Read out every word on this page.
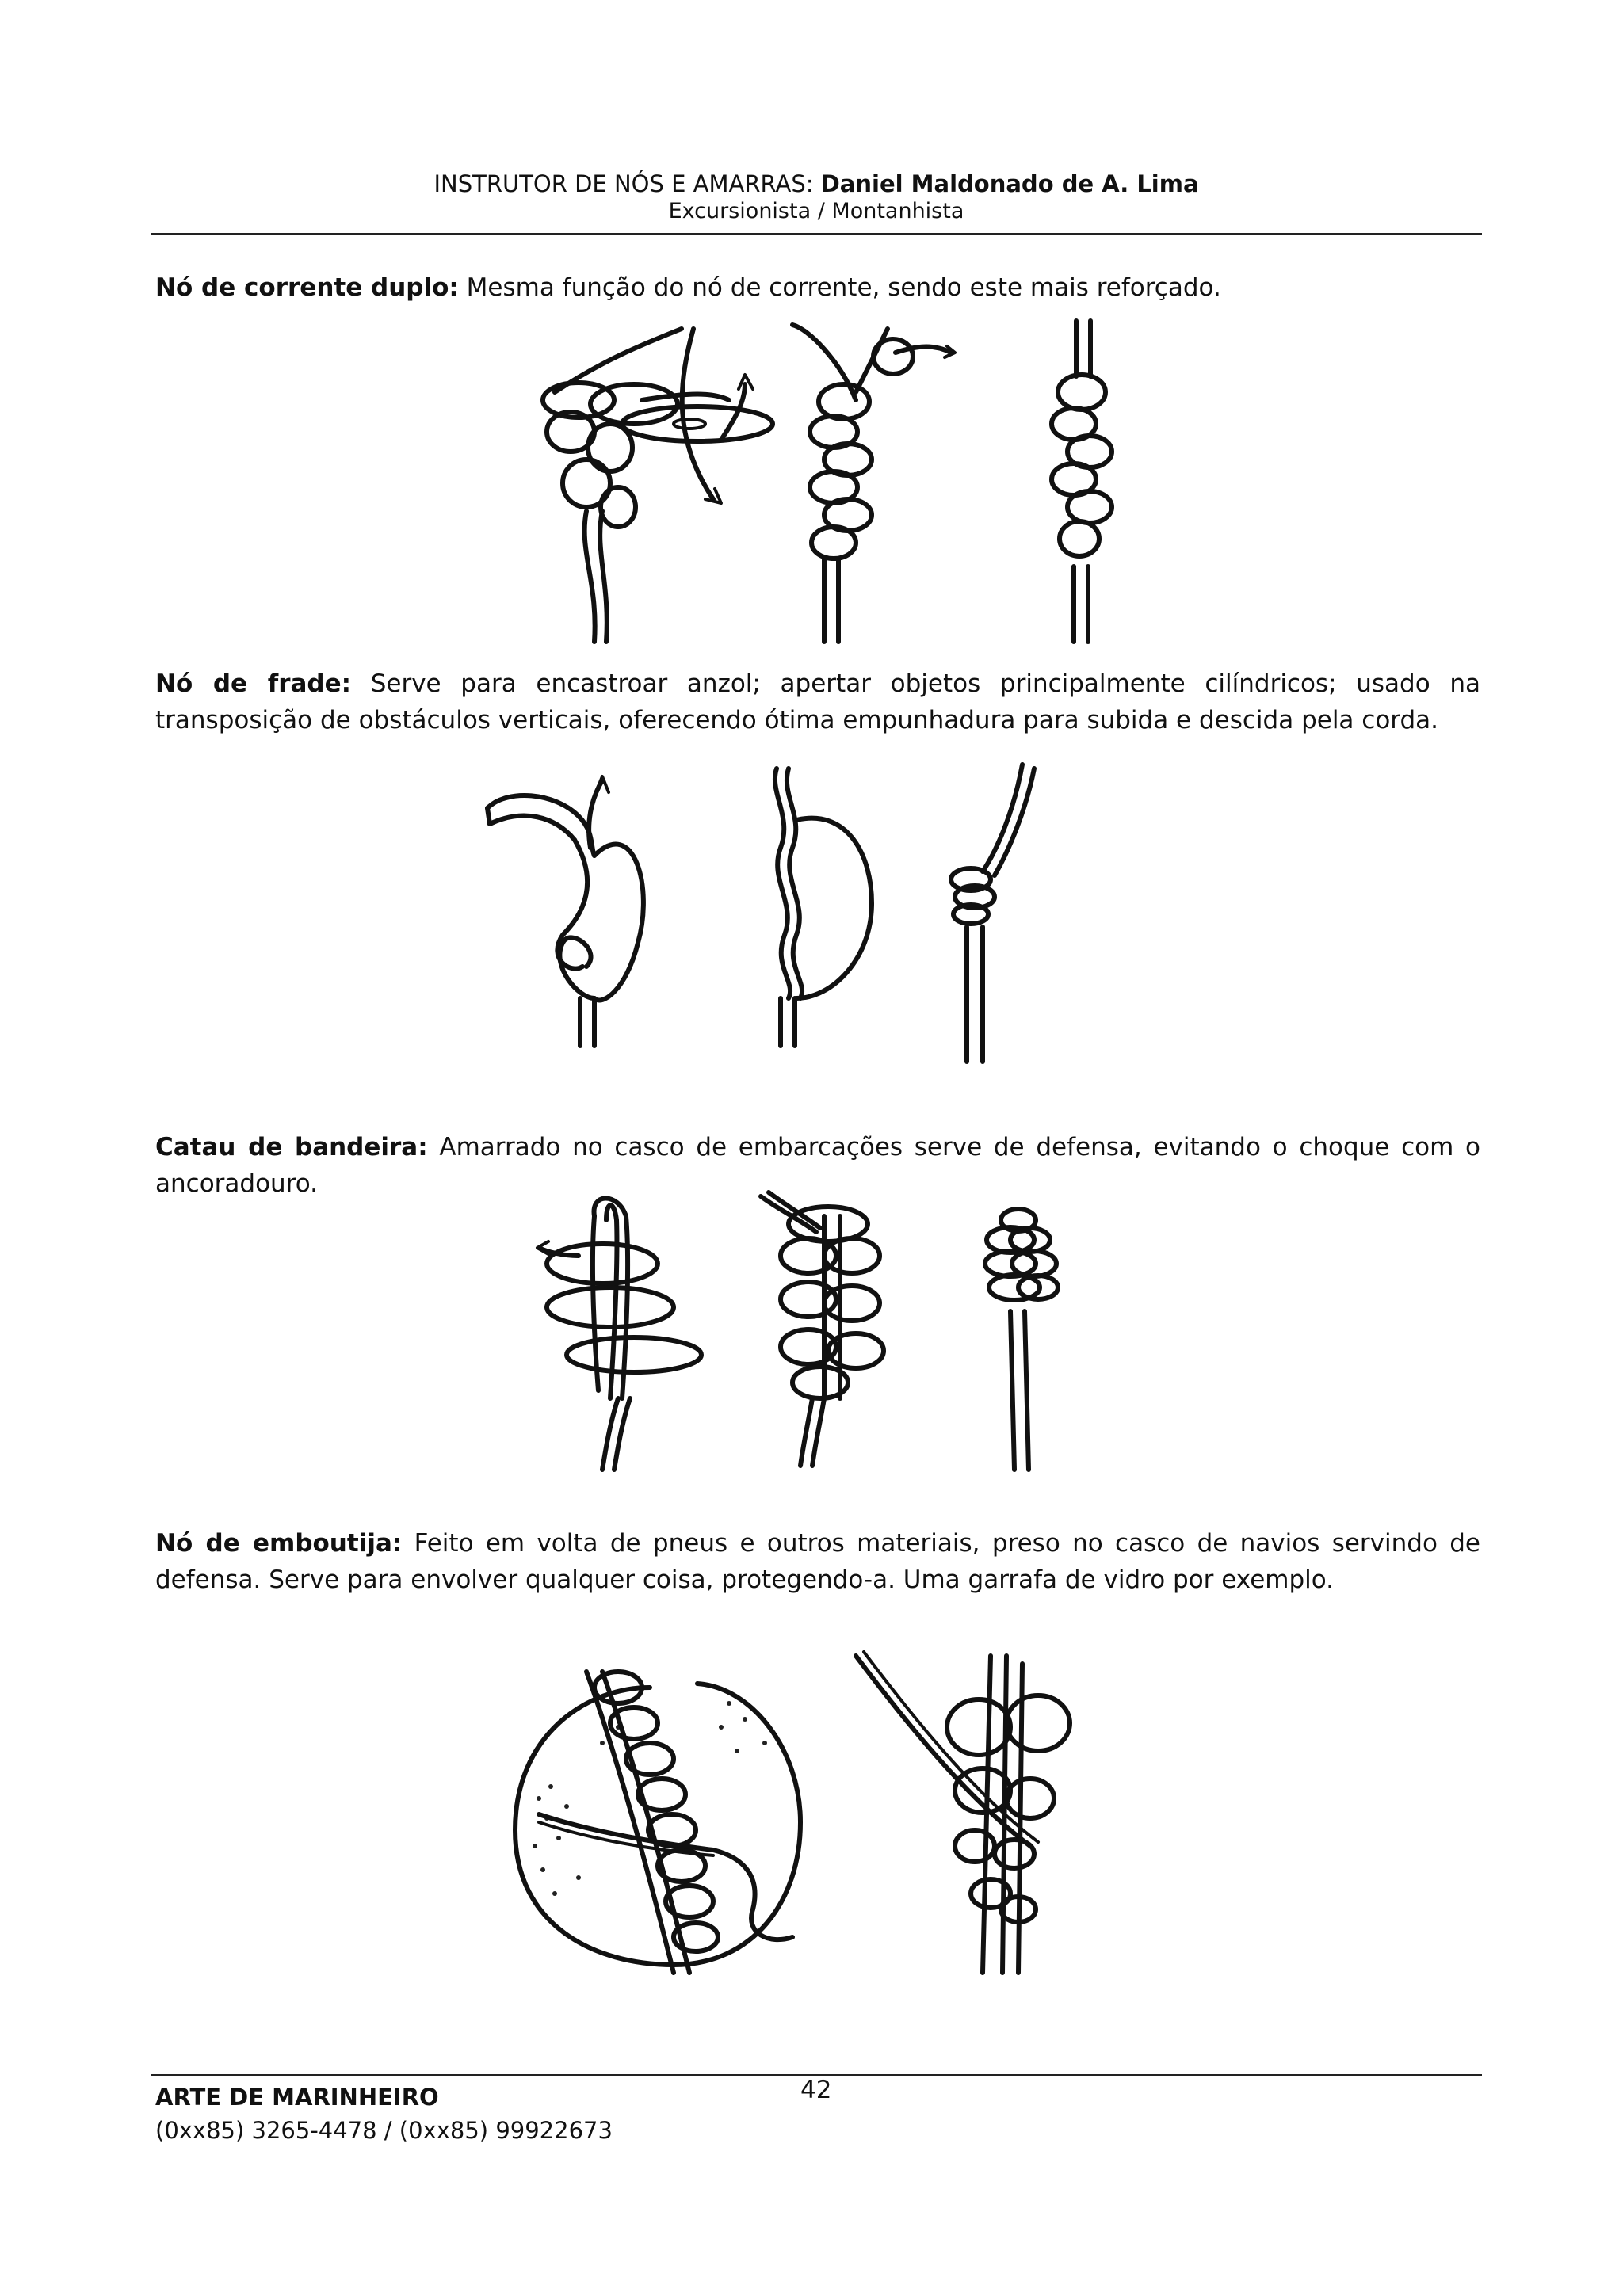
INSTRUTOR DE NÓS E AMARRAS: Daniel Maldonado de A. Lima
Excursionista / Montanhista
Nó de corrente duplo: Mesma função do nó de corrente, sendo este mais reforçado.
Nó de frade: Serve para encastroar anzol; apertar objetos principalmente cilíndricos; usado na transposição de obstáculos verticais, oferecendo ótima empunhadura para subida e descida pela corda.
Catau de bandeira: Amarrado no casco de embarcações serve de defensa, evitando o choque com o ancoradouro.
Nó de emboutija: Feito em volta de pneus e outros materiais, preso no casco de navios servindo de defensa. Serve para envolver qualquer coisa, protegendo-a. Uma garrafa de vidro por exemplo.
ARTE DE MARINHEIRO
(0xx85) 3265-4478 / (0xx85) 99922673
42
